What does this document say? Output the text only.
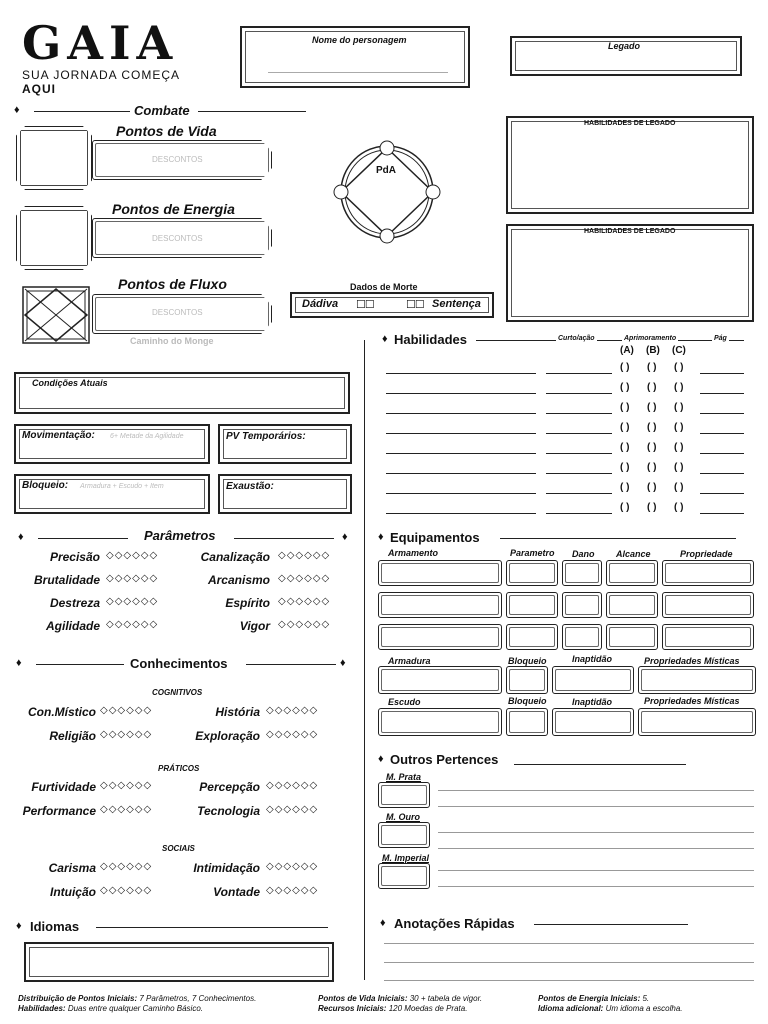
GAIA
SUA JORNADA COMEÇA AQUI
Nome do personagem
Legado
♦	Combate
Pontos de Vida
DESCONTOS
Pontos de Energia
DESCONTOS
Pontos de Fluxo
DESCONTOS
Caminho do Monge
PdA
Dados de Morte
Dádiva ☐☐	☐☐ Sentença
HABILIDADES DE LEGADO
HABILIDADES DE LEGADO
♦ Habilidades	Curto/ação	Aprimoramento	Pág
(A) (B) (C)
( ) ( ) ( )
( ) ( ) ( )
( ) ( ) ( )
( ) ( ) ( )
( ) ( ) ( )
( ) ( ) ( )
( ) ( ) ( )
( ) ( ) ( )
Condições Atuais
Movimentação: 6+ Metade da Agilidade	PV Temporários:
Bloqueio: Armadura + Escudo + Item	Exaustão:
♦	Parâmetros	♦
Precisão ◇◇◇◇◇◇	Canalização ◇◇◇◇◇◇
Brutalidade ◇◇◇◇◇◇	Arcanismo ◇◇◇◇◇◇
Destreza ◇◇◇◇◇◇	Espírito ◇◇◇◇◇◇
Agilidade ◇◇◇◇◇◇	Vigor ◇◇◇◇◇◇
♦	Conhecimentos	♦
COGNITIVOS
PRÁTICOS
SOCIAIS
Con.Místico ◇◇◇◇◇◇	História ◇◇◇◇◇◇
Religião ◇◇◇◇◇◇	Exploração ◇◇◇◇◇◇
Furtividade ◇◇◇◇◇◇	Percepção ◇◇◇◇◇◇
Performance ◇◇◇◇◇◇	Tecnologia ◇◇◇◇◇◇
Carisma ◇◇◇◇◇◇	Intimidação ◇◇◇◇◇◇
Intuição ◇◇◇◇◇◇	Vontade ◇◇◇◇◇◇
♦ Idiomas
♦ Equipamentos
Armamento	Parametro Dano Alcance	Propriedade
Armadura	Bloqueio	Inaptidão	Propriedades Místicas
Escudo	Bloqueio	Inaptidão	Propriedades Místicas
♦ Outros Pertences
M. Prata
M. Ouro
M. Imperial
♦ Anotações Rápidas
Distribuição de Pontos Iniciais: 7 Parâmetros, 7 Conhecimentos.
Habilidades: Duas entre qualquer Caminho Básico.
Pontos de Vida Iniciais: 30 + tabela de vigor.
Recursos Iniciais: 120 Moedas de Prata.
Pontos de Energia Iniciais: 5.
Idioma adicional: Um idioma a escolha.
